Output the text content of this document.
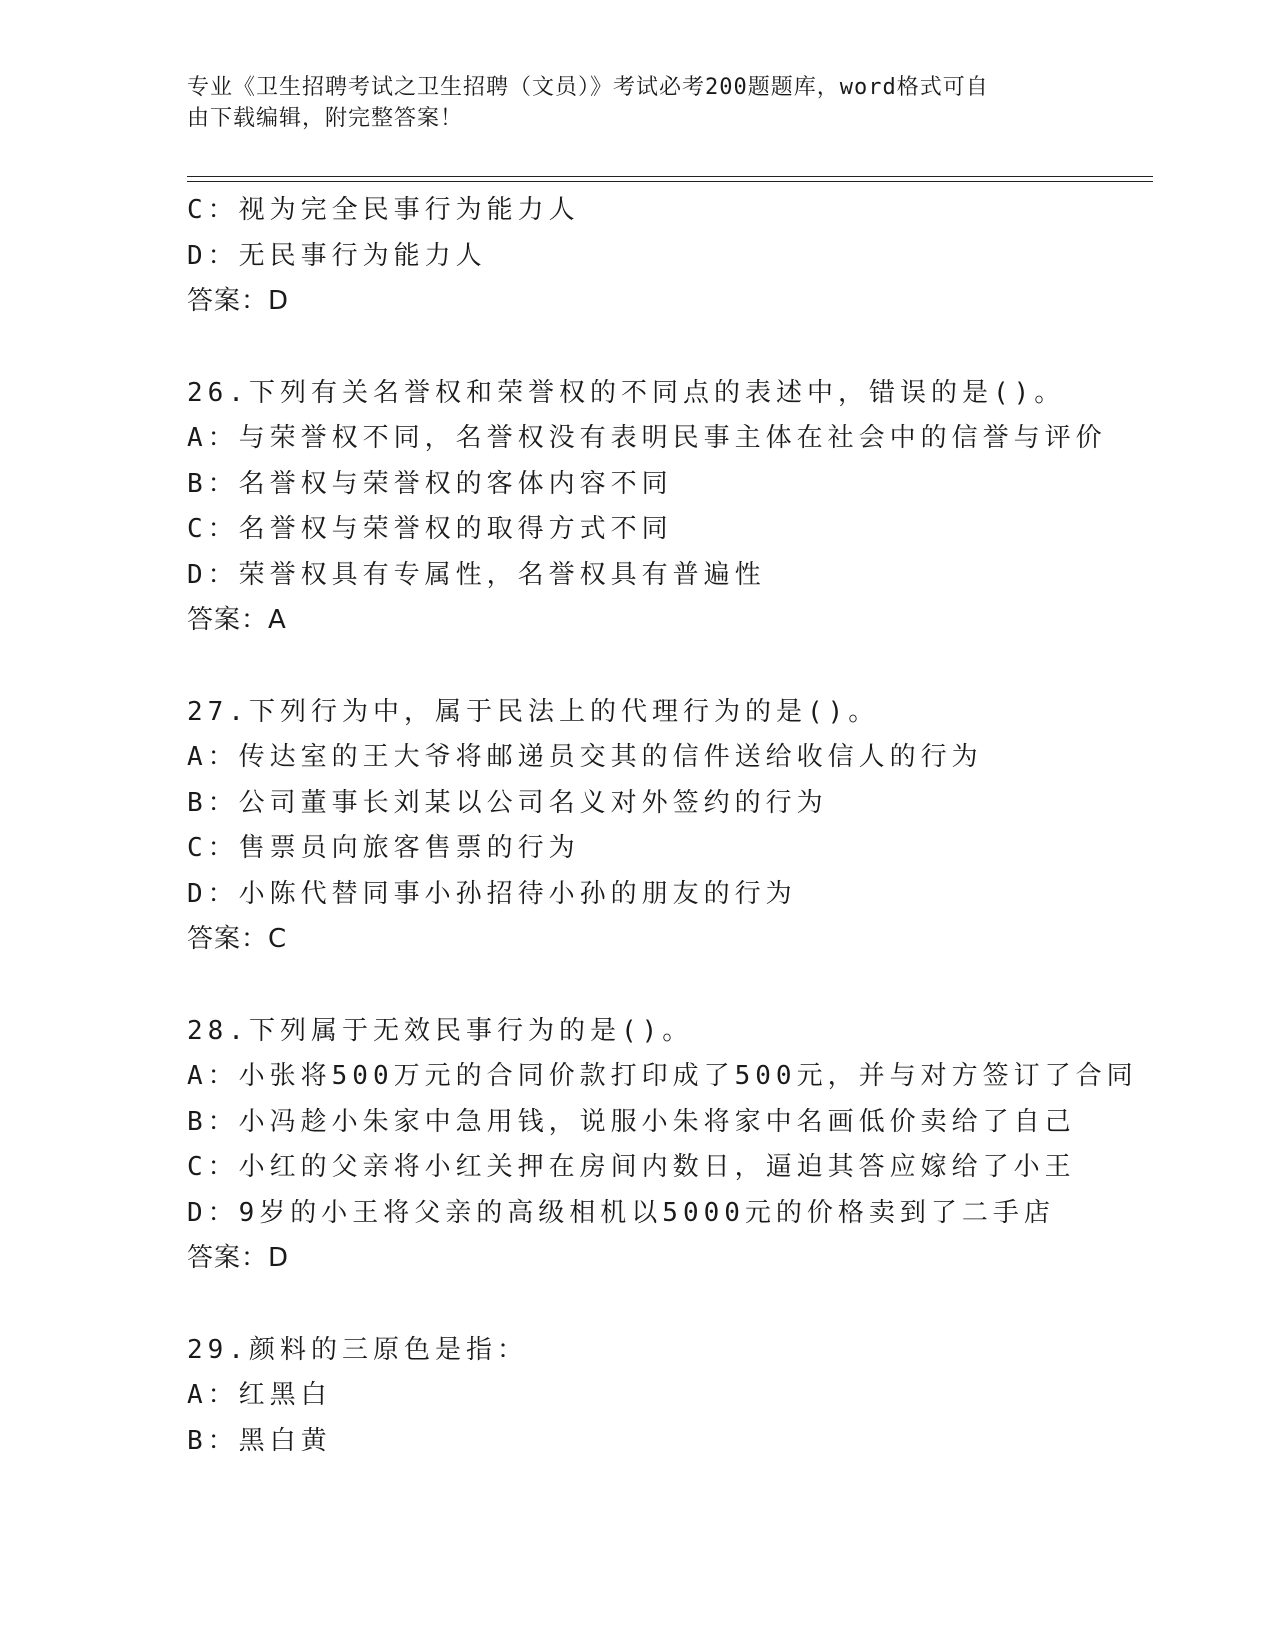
专业《卫生招聘考试之卫生招聘（文员）》考试必考200题题库，word格式可自
由下载编辑，附完整答案！
C：视为完全民事行为能力人
D：无民事行为能力人
答案：D
26.下列有关名誉权和荣誉权的不同点的表述中，错误的是()。
A：与荣誉权不同，名誉权没有表明民事主体在社会中的信誉与评价
B：名誉权与荣誉权的客体内容不同
C：名誉权与荣誉权的取得方式不同
D：荣誉权具有专属性，名誉权具有普遍性
答案：A
27.下列行为中，属于民法上的代理行为的是()。
A：传达室的王大爷将邮递员交其的信件送给收信人的行为
B：公司董事长刘某以公司名义对外签约的行为
C：售票员向旅客售票的行为
D：小陈代替同事小孙招待小孙的朋友的行为
答案：C
28.下列属于无效民事行为的是()。
A：小张将500万元的合同价款打印成了500元，并与对方签订了合同
B：小冯趁小朱家中急用钱，说服小朱将家中名画低价卖给了自己
C：小红的父亲将小红关押在房间内数日，逼迫其答应嫁给了小王
D：9岁的小王将父亲的高级相机以5000元的价格卖到了二手店
答案：D
29.颜料的三原色是指：
A：红黑白
B：黑白黄
